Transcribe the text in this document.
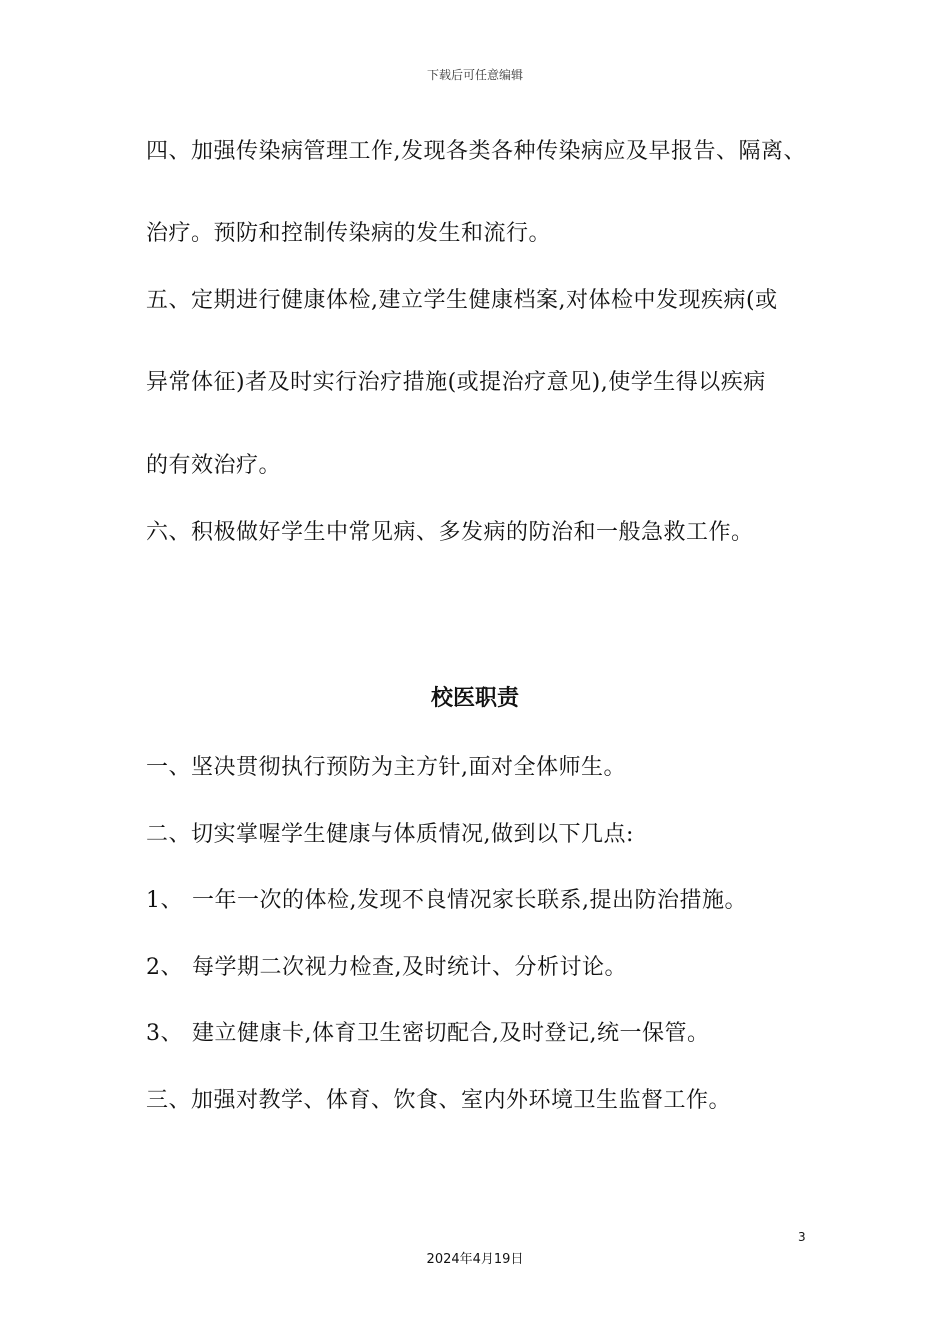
下载后可任意编辑
四、加强传染病管理工作,发现各类各种传染病应及早报告、隔离、
治疗。预防和控制传染病的发生和流行。
五、定期进行健康体检,建立学生健康档案,对体检中发现疾病(或
异常体征)者及时实行治疗措施(或提治疗意见),使学生得以疾病
的有效治疗。
六、积极做好学生中常见病、多发病的防治和一般急救工作。
校医职责
一、坚决贯彻执行预防为主方针,面对全体师生。
二、切实掌喔学生健康与体质情况,做到以下几点:
1、 一年一次的体检,发现不良情况家长联系,提出防治措施。
2、 每学期二次视力检查,及时统计、分析讨论。
3、 建立健康卡,体育卫生密切配合,及时登记,统一保管。
三、加强对教学、体育、饮食、室内外环境卫生监督工作。
3
2024年4月19日
